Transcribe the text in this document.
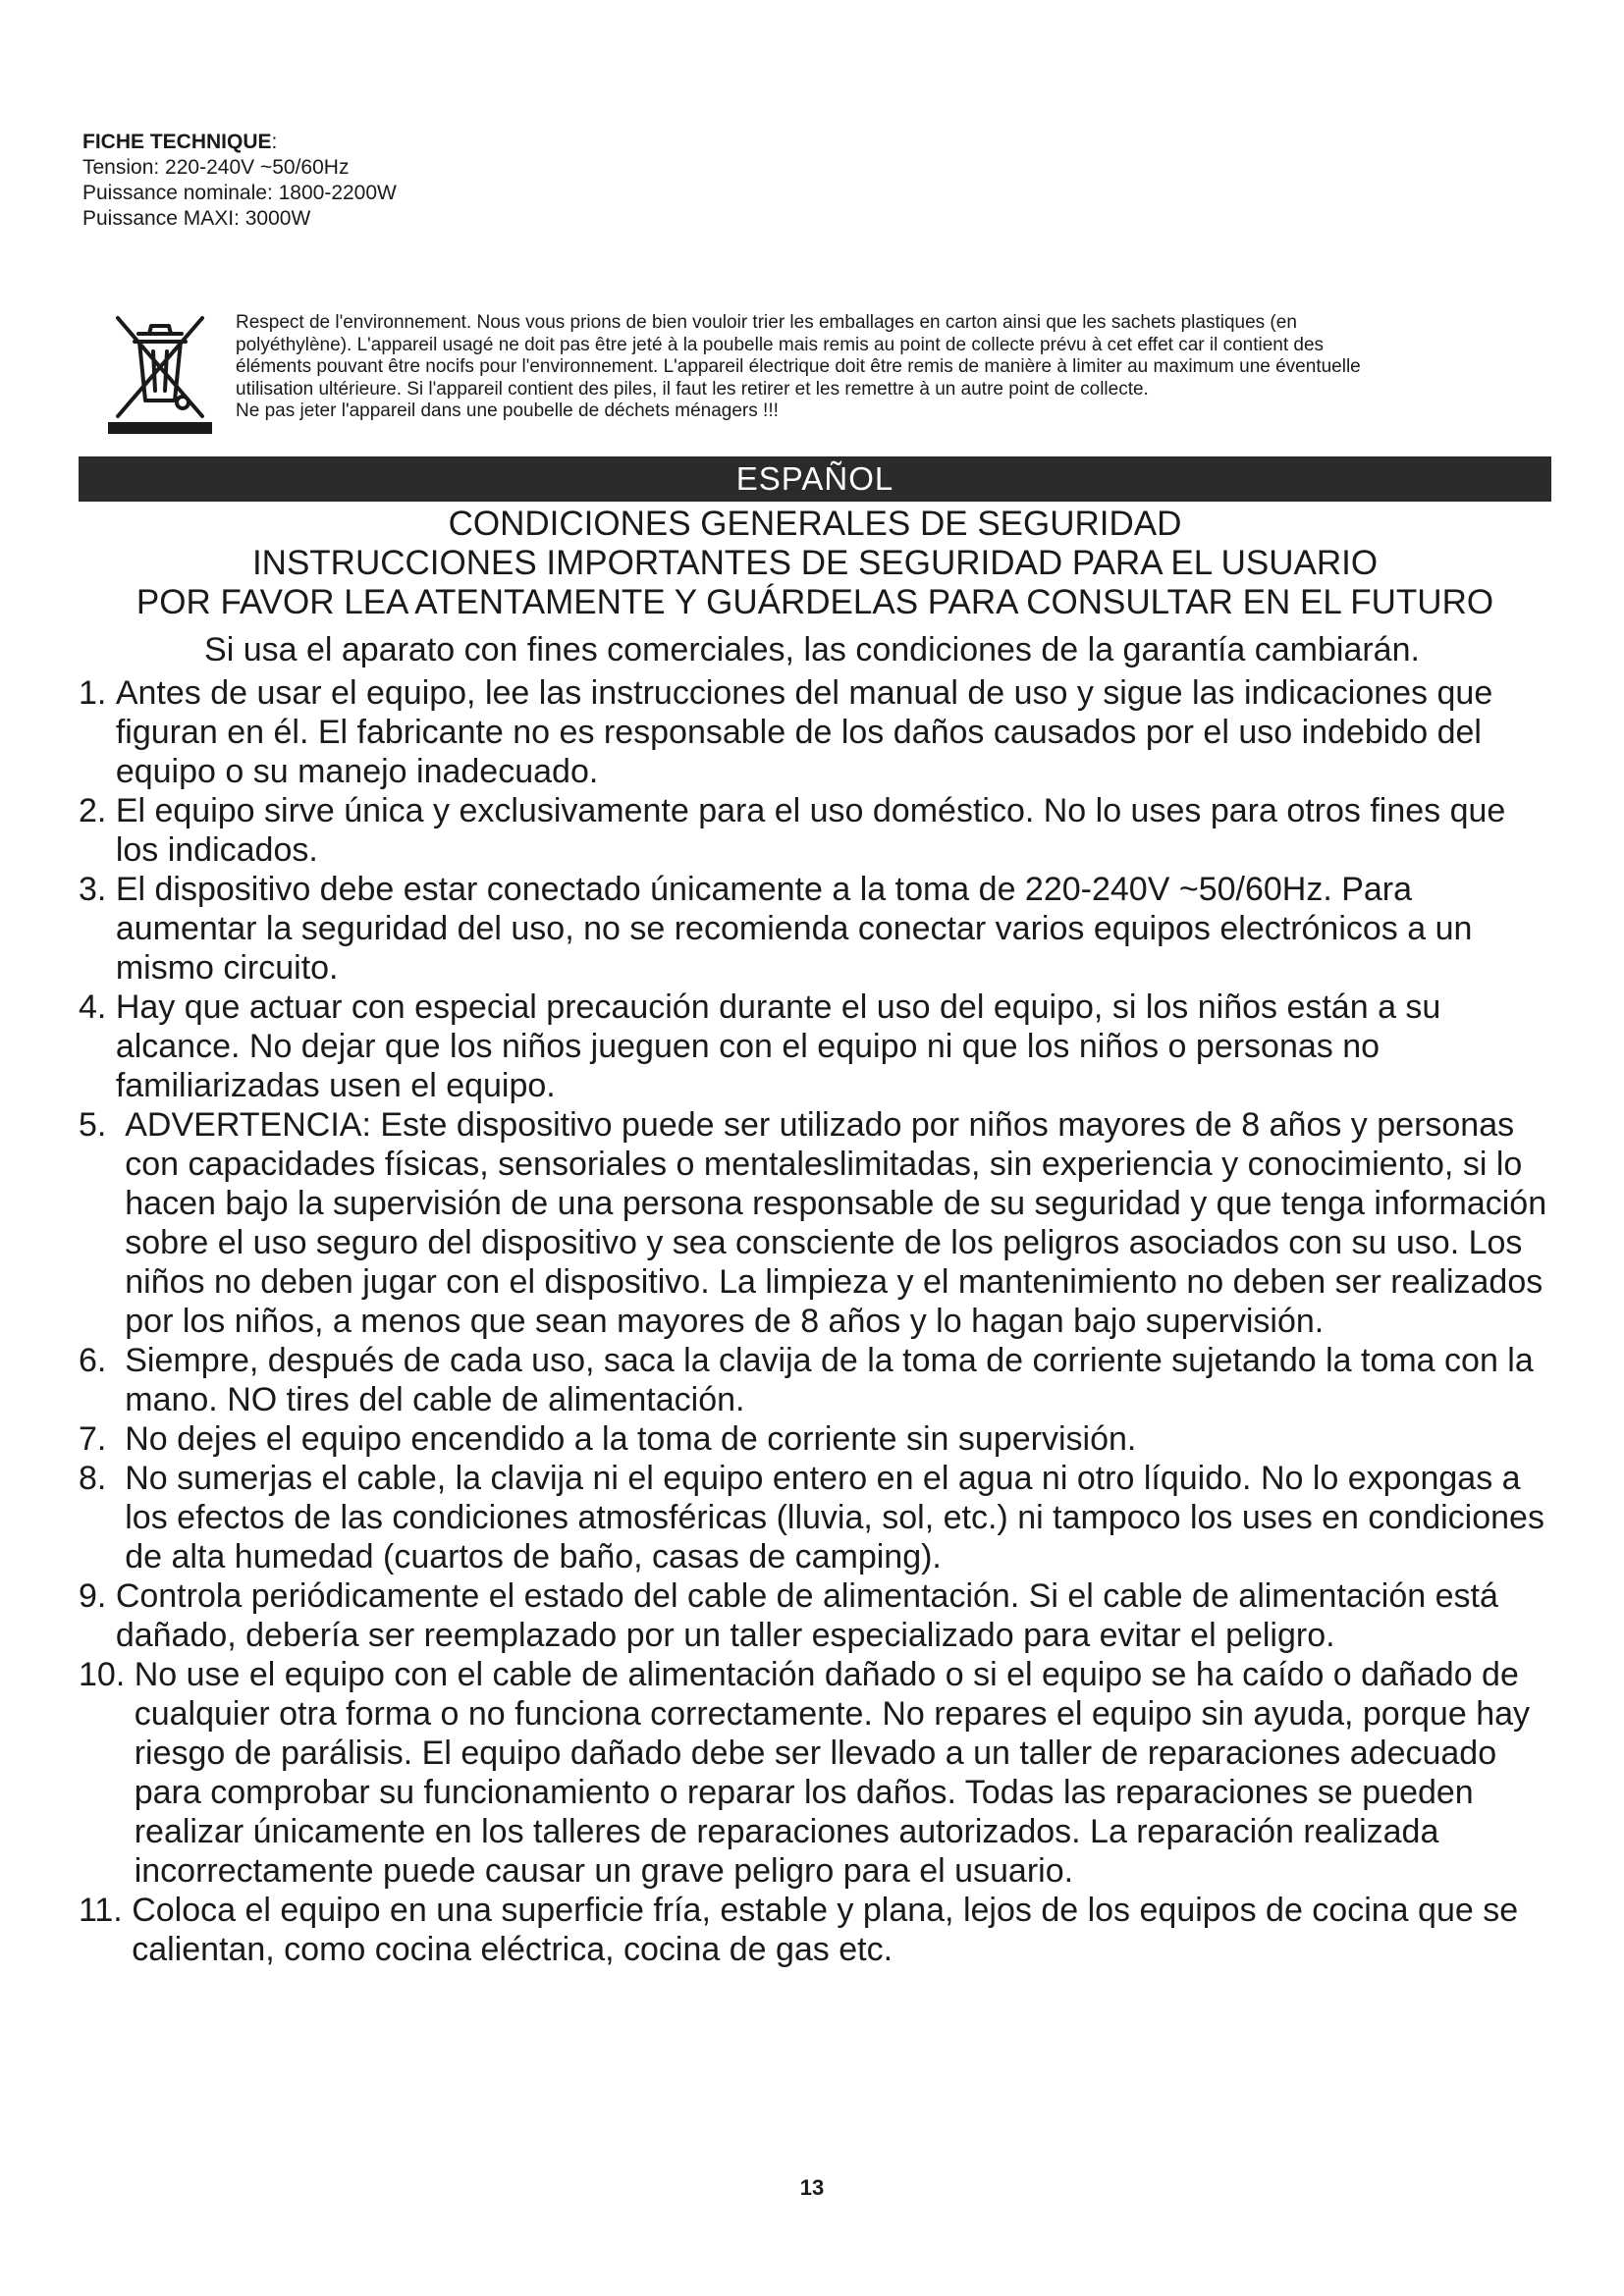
FICHE TECHNIQUE:
Tension: 220-240V ~50/60Hz
Puissance nominale: 1800-2200W
Puissance MAXI: 3000W
Respect de l'environnement. Nous vous prions de bien vouloir trier les emballages en carton ainsi que les sachets plastiques (en
polyéthylène). L'appareil usagé ne doit pas être jeté à la poubelle mais remis au point de collecte prévu à cet effet car il contient des
éléments pouvant être nocifs pour l'environnement. L'appareil électrique doit être remis de manière à limiter au maximum une éventuelle
utilisation ultérieure. Si l'appareil contient des piles, il faut les retirer et les remettre à un autre point de collecte.
Ne pas jeter l'appareil dans une poubelle de déchets ménagers !!!
ESPAÑOL
CONDICIONES GENERALES DE SEGURIDAD
INSTRUCCIONES IMPORTANTES DE SEGURIDAD PARA EL USUARIO
POR FAVOR LEA ATENTAMENTE Y GUÁRDELAS PARA CONSULTAR EN EL FUTURO
Si usa el aparato con fines comerciales, las condiciones de la garantía cambiarán.
1. Antes de usar el equipo, lee las instrucciones del manual de uso y sigue las indicaciones que figuran en él. El fabricante no es responsable de los daños causados por el uso indebido del equipo o su manejo inadecuado.
2. El equipo sirve única y exclusivamente para el uso doméstico. No lo uses para otros fines que los indicados.
3. El dispositivo debe estar conectado únicamente a la toma de 220-240V ~50/60Hz. Para aumentar la seguridad del uso, no se recomienda conectar varios equipos electrónicos a un mismo circuito.
4. Hay que actuar con especial precaución durante el uso del equipo, si los niños están a su alcance. No dejar que los niños jueguen con el equipo ni que los niños o personas no familiarizadas usen el equipo.
5. ADVERTENCIA: Este dispositivo puede ser utilizado por niños mayores de 8 años y personas con capacidades físicas, sensoriales o mentaleslimitadas, sin experiencia y conocimiento, si lo hacen bajo la supervisión de una persona responsable de su seguridad y que tenga información sobre el uso seguro del dispositivo y sea consciente de los peligros asociados con su uso. Los niños no deben jugar con el dispositivo. La limpieza y el mantenimiento no deben ser realizados por los niños, a menos que sean mayores de 8 años y lo hagan bajo supervisión.
6. Siempre, después de cada uso, saca la clavija de la toma de corriente sujetando la toma con la mano. NO tires del cable de alimentación.
7. No dejes el equipo encendido a la toma de corriente sin supervisión.
8. No sumerjas el cable, la clavija ni el equipo entero en el agua ni otro líquido. No lo expongas a los efectos de las condiciones atmosféricas (lluvia, sol, etc.) ni tampoco los uses en condiciones de alta humedad (cuartos de baño, casas de camping).
9. Controla periódicamente el estado del cable de alimentación. Si el cable de alimentación está dañado, debería ser reemplazado por un taller especializado para evitar el peligro.
10. No use el equipo con el cable de alimentación dañado o si el equipo se ha caído o dañado de cualquier otra forma o no funciona correctamente. No repares el equipo sin ayuda, porque hay riesgo de parálisis. El equipo dañado debe ser llevado a un taller de reparaciones adecuado para comprobar su funcionamiento o reparar los daños. Todas las reparaciones se pueden realizar únicamente en los talleres de reparaciones autorizados. La reparación realizada incorrectamente puede causar un grave peligro para el usuario.
11. Coloca el equipo en una superficie fría, estable y plana, lejos de los equipos de cocina que se calientan, como cocina eléctrica, cocina de gas etc.
13
